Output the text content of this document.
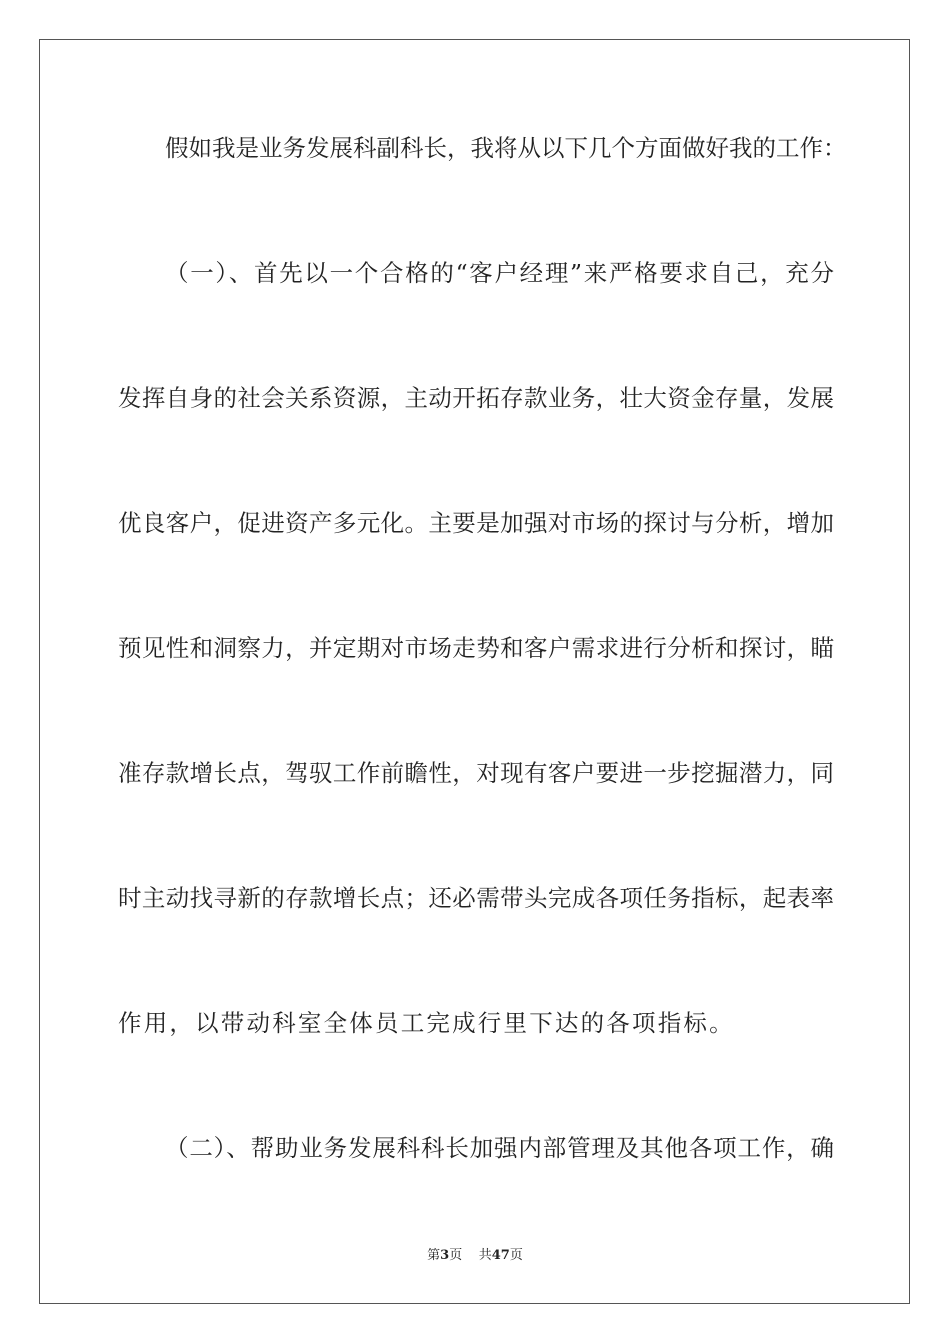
假如我是业务发展科副科长，我将从以下几个方面做好我的工作：
（一）、首先以一个合格的“客户经理”来严格要求自己，充分
发挥自身的社会关系资源，主动开拓存款业务，壮大资金存量，发展
优良客户，促进资产多元化。主要是加强对市场的探讨与分析，增加
预见性和洞察力，并定期对市场走势和客户需求进行分析和探讨，瞄
准存款增长点，驾驭工作前瞻性，对现有客户要进一步挖掘潜力，同
时主动找寻新的存款增长点；还必需带头完成各项任务指标，起表率
作用，以带动科室全体员工完成行里下达的各项指标。
（二）、帮助业务发展科科长加强内部管理及其他各项工作，确
第3页 共47页
